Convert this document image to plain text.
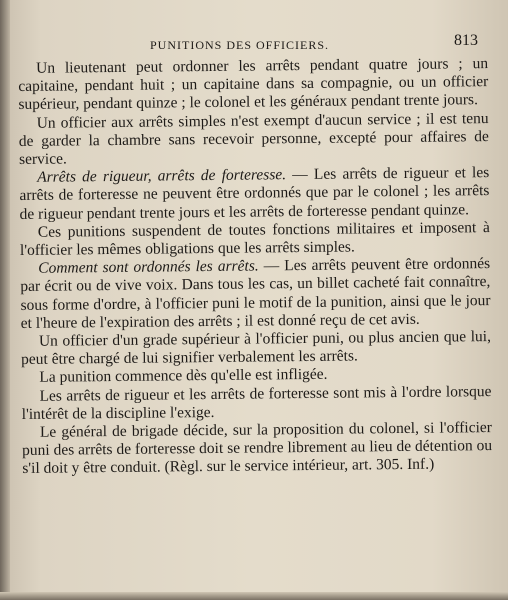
PUNITIONS DES OFFICIERS.	813

Un lieutenant peut ordonner les arrêts pendant quatre jours ; un capitaine, pendant huit ; un capitaine dans sa compagnie, ou un officier supérieur, pendant quinze ; le colonel et les généraux pendant trente jours.

Un officier aux arrêts simples n'est exempt d'aucun service ; il est tenu de garder la chambre sans recevoir personne, excepté pour affaires de service.

Arrêts de rigueur, arrêts de forteresse. — Les arrêts de rigueur et les arrêts de forteresse ne peuvent être ordonnés que par le colonel ; les arrêts de rigueur pendant trente jours et les arrêts de forteresse pendant quinze.

Ces punitions suspendent de toutes fonctions militaires et imposent à l'officier les mêmes obligations que les arrêts simples.

Comment sont ordonnés les arrêts. — Les arrêts peuvent être ordonnés par écrit ou de vive voix. Dans tous les cas, un billet cacheté fait connaître, sous forme d'ordre, à l'officier puni le motif de la punition, ainsi que le jour et l'heure de l'expiration des arrêts ; il est donné reçu de cet avis.

Un officier d'un grade supérieur à l'officier puni, ou plus ancien que lui, peut être chargé de lui signifier verbalement les arrêts.

La punition commence dès qu'elle est infligée.

Les arrêts de rigueur et les arrêts de forteresse sont mis à l'ordre lorsque l'intérêt de la discipline l'exige.

Le général de brigade décide, sur la proposition du colonel, si l'officier puni des arrêts de forteresse doit se rendre librement au lieu de détention ou s'il doit y être conduit. (Règl. sur le service intérieur, art. 305. Inf.)
